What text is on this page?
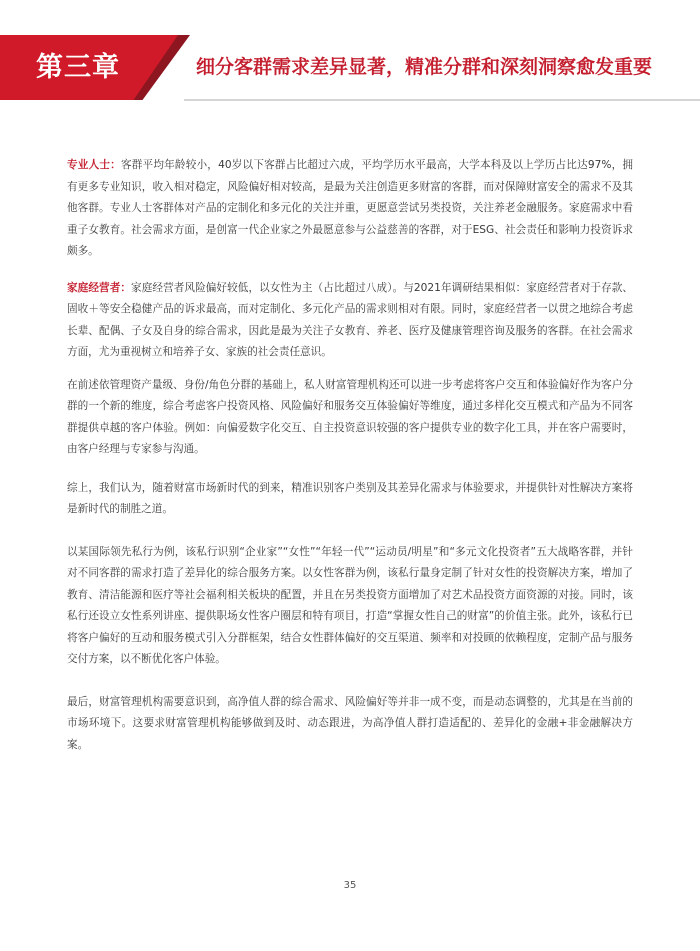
第三章	细分客群需求差异显著，精准分群和深刻洞察愈发重要

专业人士：客群平均年龄较小，40岁以下客群占比超过六成，平均学历水平最高，大学本科及以上学历占比达97%，拥有更多专业知识，收入相对稳定，风险偏好相对较高，是最为关注创造更多财富的客群，而对保障财富安全的需求不及其他客群。专业人士客群体对产品的定制化和多元化的关注并重，更愿意尝试另类投资，关注养老金融服务。家庭需求中看重子女教育。社会需求方面，是创富一代企业家之外最愿意参与公益慈善的客群，对于ESG、社会责任和影响力投资诉求颇多。

家庭经营者：家庭经营者风险偏好较低，以女性为主（占比超过八成）。与2021年调研结果相似：家庭经营者对于存款、固收＋等安全稳健产品的诉求最高，而对定制化、多元化产品的需求则相对有限。同时，家庭经营者一以贯之地综合考虑长辈、配偶、子女及自身的综合需求，因此是最为关注子女教育、养老、医疗及健康管理咨询及服务的客群。在社会需求方面，尤为重视树立和培养子女、家族的社会责任意识。

在前述依管理资产量级、身份/角色分群的基础上，私人财富管理机构还可以进一步考虑将客户交互和体验偏好作为客户分群的一个新的维度，综合考虑客户投资风格、风险偏好和服务交互体验偏好等维度，通过多样化交互模式和产品为不同客群提供卓越的客户体验。例如：向偏爱数字化交互、自主投资意识较强的客户提供专业的数字化工具，并在客户需要时，由客户经理与专家参与沟通。

综上，我们认为，随着财富市场新时代的到来，精准识别客户类别及其差异化需求与体验要求，并提供针对性解决方案将是新时代的制胜之道。

以某国际领先私行为例，该私行识别“企业家”“女性”“年轻一代”“运动员/明星”和“多元文化投资者”五大战略客群，并针对不同客群的需求打造了差异化的综合服务方案。以女性客群为例，该私行量身定制了针对女性的投资解决方案，增加了教育、清洁能源和医疗等社会福利相关板块的配置，并且在另类投资方面增加了对艺术品投资方面资源的对接。同时，该私行还设立女性系列讲座、提供职场女性客户圈层和特有项目，打造“掌握女性自己的财富”的价值主张。此外，该私行已将客户偏好的互动和服务模式引入分群框架，结合女性群体偏好的交互渠道、频率和对投顾的依赖程度，定制产品与服务交付方案，以不断优化客户体验。

最后，财富管理机构需要意识到，高净值人群的综合需求、风险偏好等并非一成不变，而是动态调整的，尤其是在当前的市场环境下。这要求财富管理机构能够做到及时、动态跟进，为高净值人群打造适配的、差异化的金融+非金融解决方案。

35
